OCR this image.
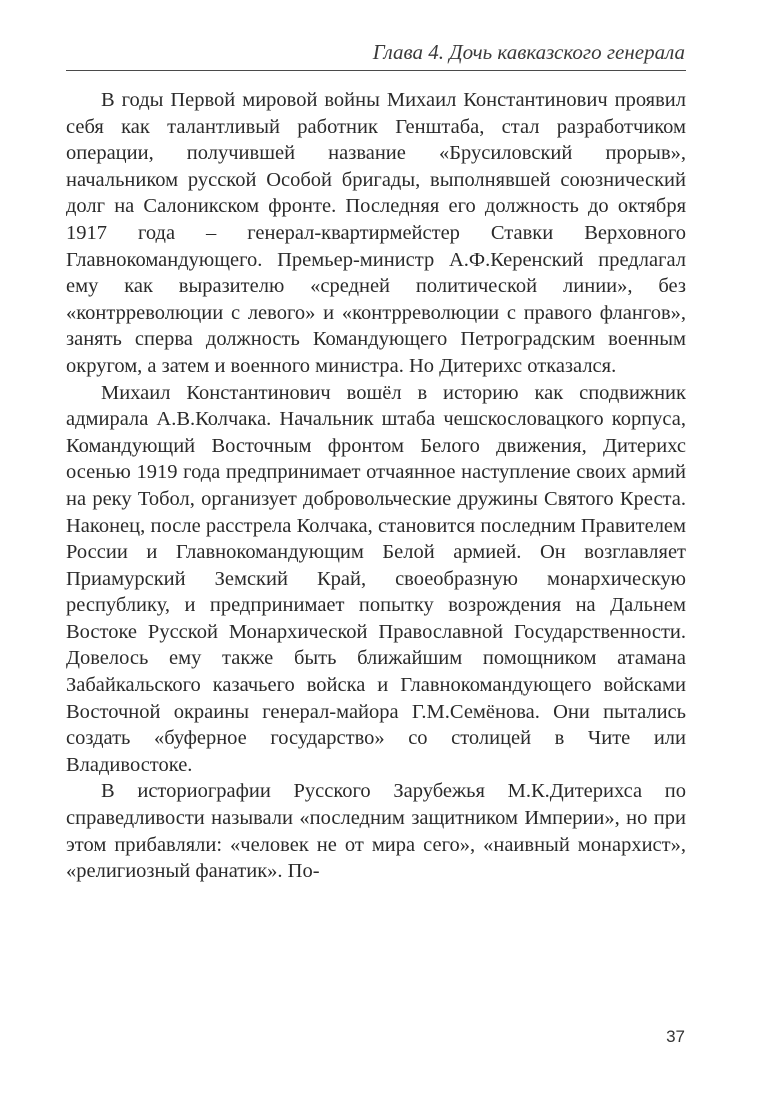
Глава 4. Дочь кавказского генерала

В годы Первой мировой войны Михаил Константинович проявил себя как талантливый работник Генштаба, стал разработчиком операции, получившей название «Брусиловский прорыв», начальником русской Особой бригады, выполнявшей союзнический долг на Салоникском фронте. Последняя его должность до октября 1917 года – генерал-квартирмейстер Ставки Верховного Главнокомандующего. Премьер-министр А.Ф.Керенский предлагал ему как выразителю «средней политической линии», без «контрреволюции с левого» и «контрреволюции с правого флангов», занять сперва должность Командующего Петроградским военным округом, а затем и военного министра. Но Дитерихс отказался.

Михаил Константинович вошёл в историю как сподвижник адмирала А.В.Колчака. Начальник штаба чешскословацкого корпуса, Командующий Восточным фронтом Белого движения, Дитерихс осенью 1919 года предпринимает отчаянное наступление своих армий на реку Тобол, организует добровольческие дружины Святого Креста. Наконец, после расстрела Колчака, становится последним Правителем России и Главнокомандующим Белой армией. Он возглавляет Приамурский Земский Край, своеобразную монархическую республику, и предпринимает попытку возрождения на Дальнем Востоке Русской Монархической Православной Государственности. Довелось ему также быть ближайшим помощником атамана Забайкальского казачьего войска и Главнокомандующего войсками Восточной окраины генерал-майора Г.М.Семёнова. Они пытались создать «буферное государство» со столицей в Чите или Владивостоке.

В историографии Русского Зарубежья М.К.Дитерихса по справедливости называли «последним защитником Империи», но при этом прибавляли: «человек не от мира сего», «наивный монархист», «религиозный фанатик». По-

37
